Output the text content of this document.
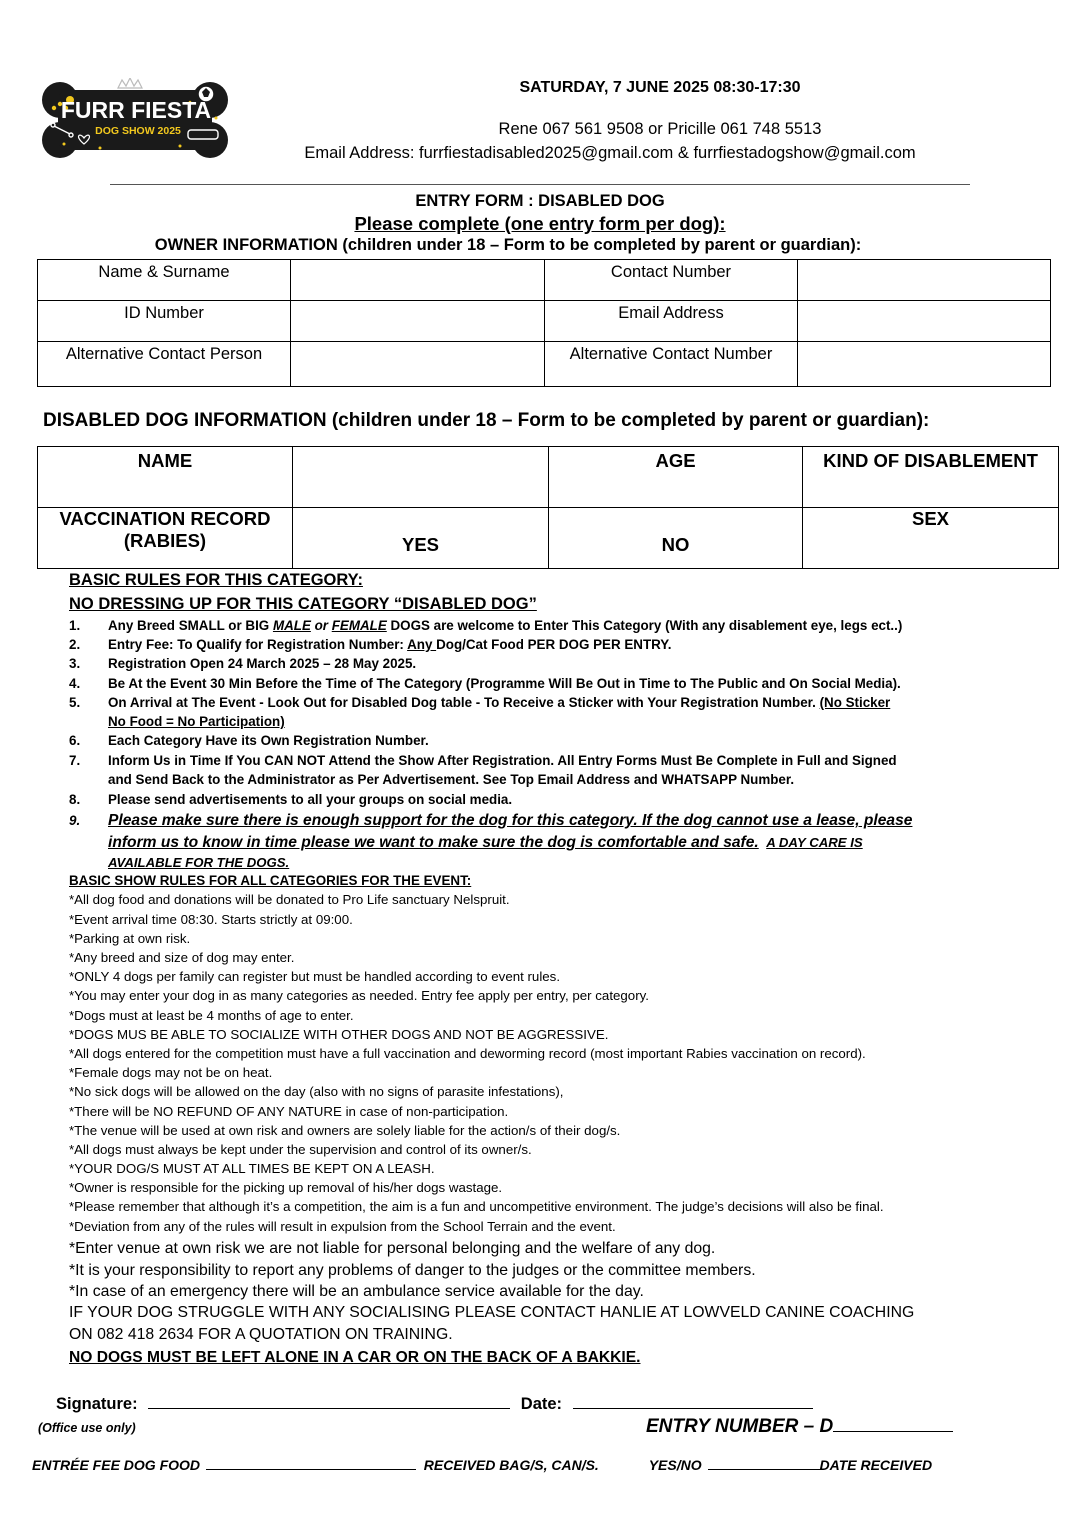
FURR FIESTA
DOG SHOW 2025
SATURDAY, 7 JUNE 2025 08:30-17:30
Rene 067 561 9508 or Pricille 061 748 5513
Email Address: furrfiestadisabled2025@gmail.com & furrfiestadogshow@gmail.com
ENTRY FORM : DISABLED DOG
Please complete (one entry form per dog):
OWNER INFORMATION (children under 18 – Form to be completed by parent or guardian):
Name & Surname		Contact Number	
ID Number		Email Address	
Alternative Contact Person		Alternative Contact Number	
DISABLED DOG INFORMATION (children under 18 – Form to be completed by parent or guardian):
NAME		AGE	KIND OF DISABLEMENT

VACCINATION RECORD
(RABIES)	YES	NO	SEX
BASIC RULES FOR THIS CATEGORY:
NO DRESSING UP FOR THIS CATEGORY “DISABLED DOG”
1.	Any Breed SMALL or BIG MALE or FEMALE DOGS are welcome to Enter This Category (With any disablement eye, legs ect..)
2.	Entry Fee: To Qualify for Registration Number: Any Dog/Cat Food PER DOG PER ENTRY.
3.	Registration Open 24 March 2025 – 28 May 2025.
4.	Be At the Event 30 Min Before the Time of The Category (Programme Will Be Out in Time to The Public and On Social Media).
5.	On Arrival at The Event - Look Out for Disabled Dog table - To Receive a Sticker with Your Registration Number. (No Sticker
No Food = No Participation)
6.	Each Category Have its Own Registration Number.
7.	Inform Us in Time If You CAN NOT Attend the Show After Registration. All Entry Forms Must Be Complete in Full and Signed
and Send Back to the Administrator as Per Advertisement. See Top Email Address and WHATSAPP Number.
8.	Please send advertisements to all your groups on social media.
9.	Please make sure there is enough support for the dog for this category. If the dog cannot use a lease, please
inform us to know in time please we want to make sure the dog is comfortable and safe. A DAY CARE IS
AVAILABLE FOR THE DOGS.
BASIC SHOW RULES FOR ALL CATEGORIES FOR THE EVENT:
*All dog food and donations will be donated to Pro Life sanctuary Nelspruit.
*Event arrival time 08:30. Starts strictly at 09:00.
*Parking at own risk.
*Any breed and size of dog may enter.
*ONLY 4 dogs per family can register but must be handled according to event rules.
*You may enter your dog in as many categories as needed. Entry fee apply per entry, per category.
*Dogs must at least be 4 months of age to enter.
*DOGS MUS BE ABLE TO SOCIALIZE WITH OTHER DOGS AND NOT BE AGGRESSIVE.
*All dogs entered for the competition must have a full vaccination and deworming record (most important Rabies vaccination on record).
*Female dogs may not be on heat.
*No sick dogs will be allowed on the day (also with no signs of parasite infestations),
*There will be NO REFUND OF ANY NATURE in case of non-participation.
*The venue will be used at own risk and owners are solely liable for the action/s of their dog/s.
*All dogs must always be kept under the supervision and control of its owner/s.
*YOUR DOG/S MUST AT ALL TIMES BE KEPT ON A LEASH.
*Owner is responsible for the picking up removal of his/her dogs wastage.
*Please remember that although it’s a competition, the aim is a fun and uncompetitive environment. The judge’s decisions will also be final.
*Deviation from any of the rules will result in expulsion from the School Terrain and the event.
*Enter venue at own risk we are not liable for personal belonging and the welfare of any dog.
*It is your responsibility to report any problems of danger to the judges or the committee members.
*In case of an emergency there will be an ambulance service available for the day.
IF YOUR DOG STRUGGLE WITH ANY SOCIALISING PLEASE CONTACT HANLIE AT LOWVELD CANINE COACHING
ON 082 418 2634 FOR A QUOTATION ON TRAINING.
NO DOGS MUST BE LEFT ALONE IN A CAR OR ON THE BACK OF A BAKKIE.
Signature:	Date:
(Office use only)	ENTRY NUMBER – D
ENTRÉE FEE DOG FOOD	RECEIVED BAG/S, CAN/S.	YES/NO	DATE RECEIVED
